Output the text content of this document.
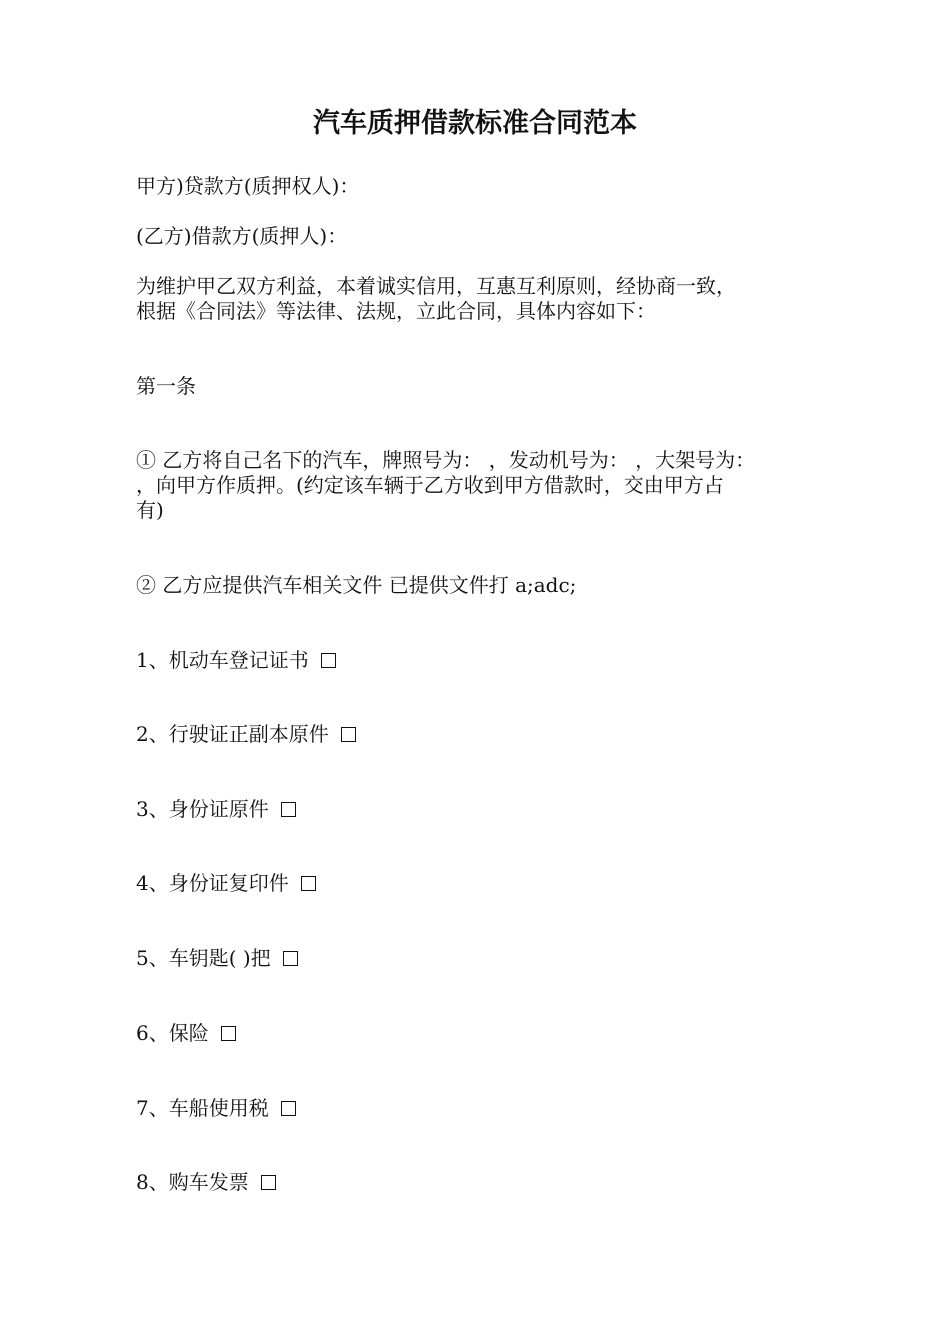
汽车质押借款标准合同范本
甲方)贷款方(质押权人)：
(乙方)借款方(质押人)：
为维护甲乙双方利益，本着诚实信用，互惠互利原则，经协商一致，
根据《合同法》等法律、法规，立此合同，具体内容如下：
第一条
① 乙方将自己名下的汽车，牌照号为： ，发动机号为： ，大架号为：
，向甲方作质押。(约定该车辆于乙方收到甲方借款时，交由甲方占
有)
② 乙方应提供汽车相关文件 已提供文件打 a;adc;
1、机动车登记证书
2、行驶证正副本原件
3、身份证原件
4、身份证复印件
5、车钥匙( )把
6、保险
7、车船使用税
8、购车发票
